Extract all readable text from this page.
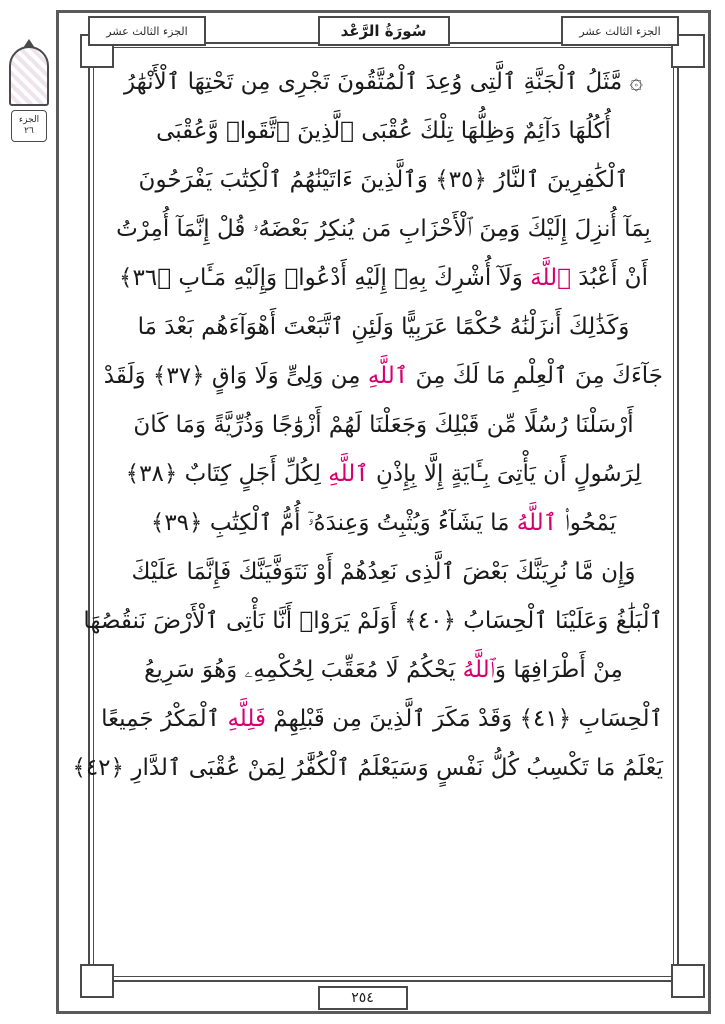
الجزء الثالث عشر	سُورَةُ الرَّعْد	الجزء الثالث عشر
الجزء
٢٦
۞ مَّثَلُ ٱلْجَنَّةِ ٱلَّتِى وُعِدَ ٱلْمُتَّقُونَ تَجْرِى مِن تَحْتِهَا ٱلْأَنْهَٰرُ
أُكُلُهَا دَآئِمٌ وَظِلُّهَا تِلْكَ عُقْبَى ٱلَّذِينَ ٱتَّقَوا۟ وَّعُقْبَى
ٱلْكَٰفِرِينَ ٱلنَّارُ ﴿٣٥﴾ وَٱلَّذِينَ ءَاتَيْنَٰهُمُ ٱلْكِتَٰبَ يَفْرَحُونَ
بِمَآ أُنزِلَ إِلَيْكَ وَمِنَ ٱلْأَحْزَابِ مَن يُنكِرُ بَعْضَهُۥ قُلْ إِنَّمَآ أُمِرْتُ
أَنْ أَعْبُدَ ٱللَّهَ وَلَآ أُشْرِكَ بِهِۦٓ إِلَيْهِ أَدْعُوا۟ وَإِلَيْهِ مَـَٔابِ ﴿٣٦﴾
وَكَذَٰلِكَ أَنزَلْنَٰهُ حُكْمًا عَرَبِيًّا وَلَئِنِ ٱتَّبَعْتَ أَهْوَآءَهُم بَعْدَ مَا
جَآءَكَ مِنَ ٱلْعِلْمِ مَا لَكَ مِنَ ٱللَّهِ مِن وَلِىٍّ وَلَا وَاقٍ ﴿٣٧﴾ وَلَقَدْ
أَرْسَلْنَا رُسُلًا مِّن قَبْلِكَ وَجَعَلْنَا لَهُمْ أَزْوَٰجًا وَذُرِّيَّةً وَمَا كَانَ
لِرَسُولٍ أَن يَأْتِىَ بِـَٔايَةٍ إِلَّا بِإِذْنِ ٱللَّهِ لِكُلِّ أَجَلٍ كِتَابٌ ﴿٣٨﴾
يَمْحُوا۟ ٱللَّهُ مَا يَشَآءُ وَيُثْبِتُ وَعِندَهُۥٓ أُمُّ ٱلْكِتَٰبِ ﴿٣٩﴾
وَإِن مَّا نُرِيَنَّكَ بَعْضَ ٱلَّذِى نَعِدُهُمْ أَوْ نَتَوَفَّيَنَّكَ فَإِنَّمَا عَلَيْكَ
ٱلْبَلَٰغُ وَعَلَيْنَا ٱلْحِسَابُ ﴿٤٠﴾ أَوَلَمْ يَرَوْا۟ أَنَّا نَأْتِى ٱلْأَرْضَ نَنقُصُهَا
مِنْ أَطْرَافِهَا وَٱللَّهُ يَحْكُمُ لَا مُعَقِّبَ لِحُكْمِهِۦ وَهُوَ سَرِيعُ
ٱلْحِسَابِ ﴿٤١﴾ وَقَدْ مَكَرَ ٱلَّذِينَ مِن قَبْلِهِمْ فَلِلَّهِ ٱلْمَكْرُ جَمِيعًا
يَعْلَمُ مَا تَكْسِبُ كُلُّ نَفْسٍ وَسَيَعْلَمُ ٱلْكُفَّٰرُ لِمَنْ عُقْبَى ٱلدَّارِ ﴿٤٢﴾
٢٥٤
